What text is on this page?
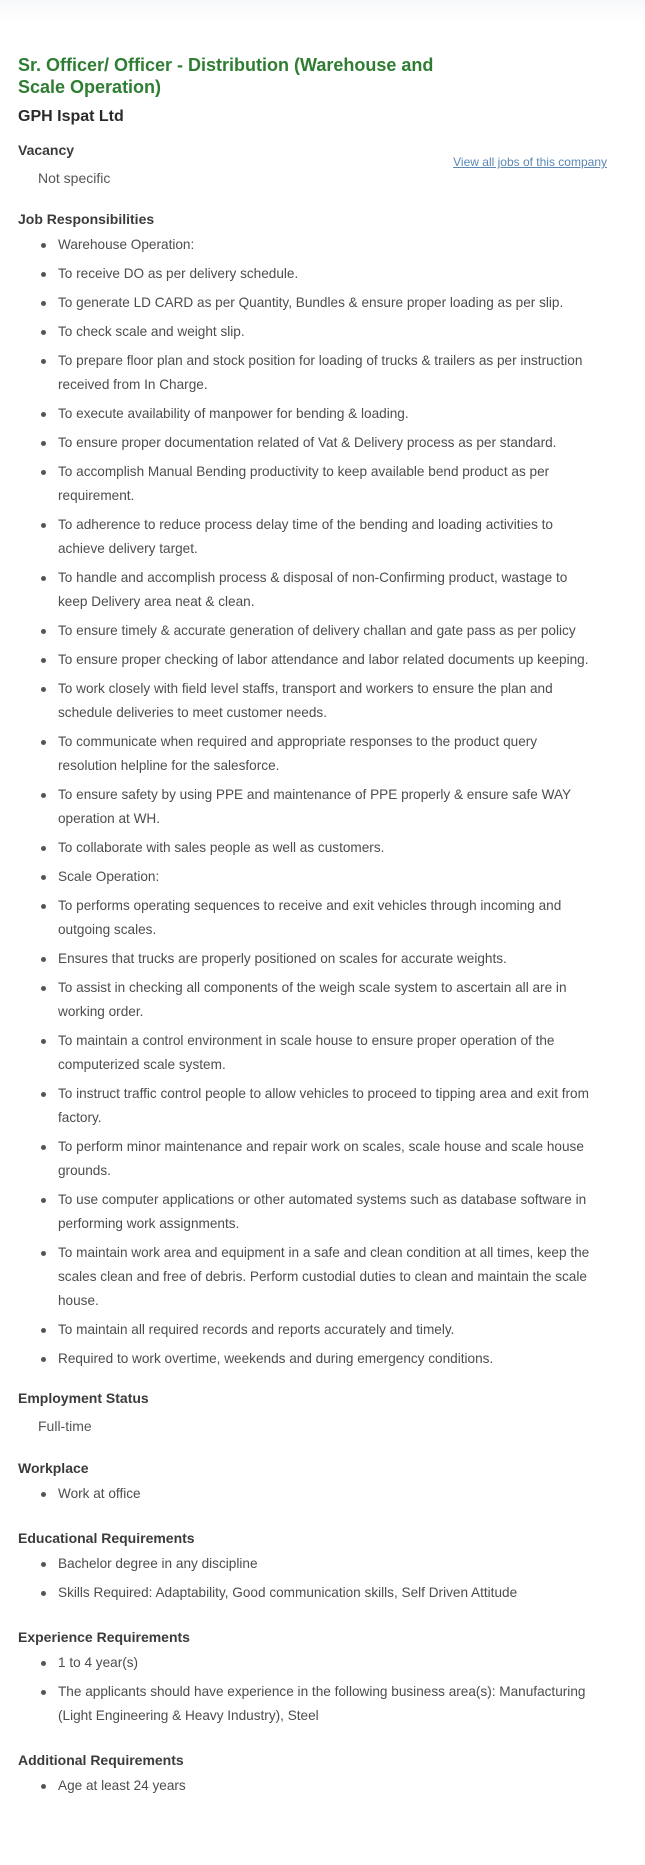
Sr. Officer/ Officer - Distribution (Warehouse and Scale Operation)
GPH Ispat Ltd
View all jobs of this company
Vacancy
Not specific
Job Responsibilities
Warehouse Operation:
To receive DO as per delivery schedule.
To generate LD CARD as per Quantity, Bundles & ensure proper loading as per slip.
To check scale and weight slip.
To prepare floor plan and stock position for loading of trucks & trailers as per instruction received from In Charge.
To execute availability of manpower for bending & loading.
To ensure proper documentation related of Vat & Delivery process as per standard.
To accomplish Manual Bending productivity to keep available bend product as per requirement.
To adherence to reduce process delay time of the bending and loading activities to achieve delivery target.
To handle and accomplish process & disposal of non-Confirming product, wastage to keep Delivery area neat & clean.
To ensure timely & accurate generation of delivery challan and gate pass as per policy
To ensure proper checking of labor attendance and labor related documents up keeping.
To work closely with field level staffs, transport and workers to ensure the plan and schedule deliveries to meet customer needs.
To communicate when required and appropriate responses to the product query resolution helpline for the salesforce.
To ensure safety by using PPE and maintenance of PPE properly & ensure safe WAY operation at WH.
To collaborate with sales people as well as customers.
Scale Operation:
To performs operating sequences to receive and exit vehicles through incoming and outgoing scales.
Ensures that trucks are properly positioned on scales for accurate weights.
To assist in checking all components of the weigh scale system to ascertain all are in working order.
To maintain a control environment in scale house to ensure proper operation of the computerized scale system.
To instruct traffic control people to allow vehicles to proceed to tipping area and exit from factory.
To perform minor maintenance and repair work on scales, scale house and scale house grounds.
To use computer applications or other automated systems such as database software in performing work assignments.
To maintain work area and equipment in a safe and clean condition at all times, keep the scales clean and free of debris. Perform custodial duties to clean and maintain the scale house.
To maintain all required records and reports accurately and timely.
Required to work overtime, weekends and during emergency conditions.
Employment Status
Full-time
Workplace
Work at office
Educational Requirements
Bachelor degree in any discipline
Skills Required: Adaptability, Good communication skills, Self Driven Attitude
Experience Requirements
1 to 4 year(s)
The applicants should have experience in the following business area(s): Manufacturing (Light Engineering & Heavy Industry), Steel
Additional Requirements
Age at least 24 years
